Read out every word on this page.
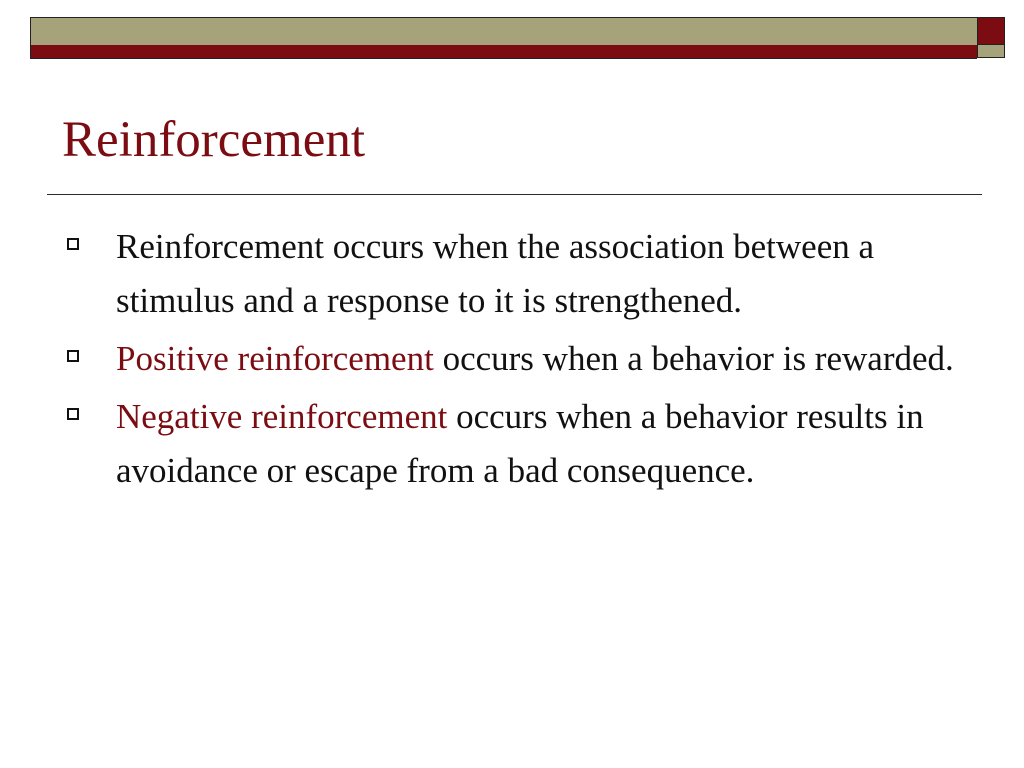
Reinforcement
Reinforcement occurs when the association between a stimulus and a response to it is strengthened.
Positive reinforcement occurs when a behavior is rewarded.
Negative reinforcement occurs when a behavior results in avoidance or escape from a bad consequence.
